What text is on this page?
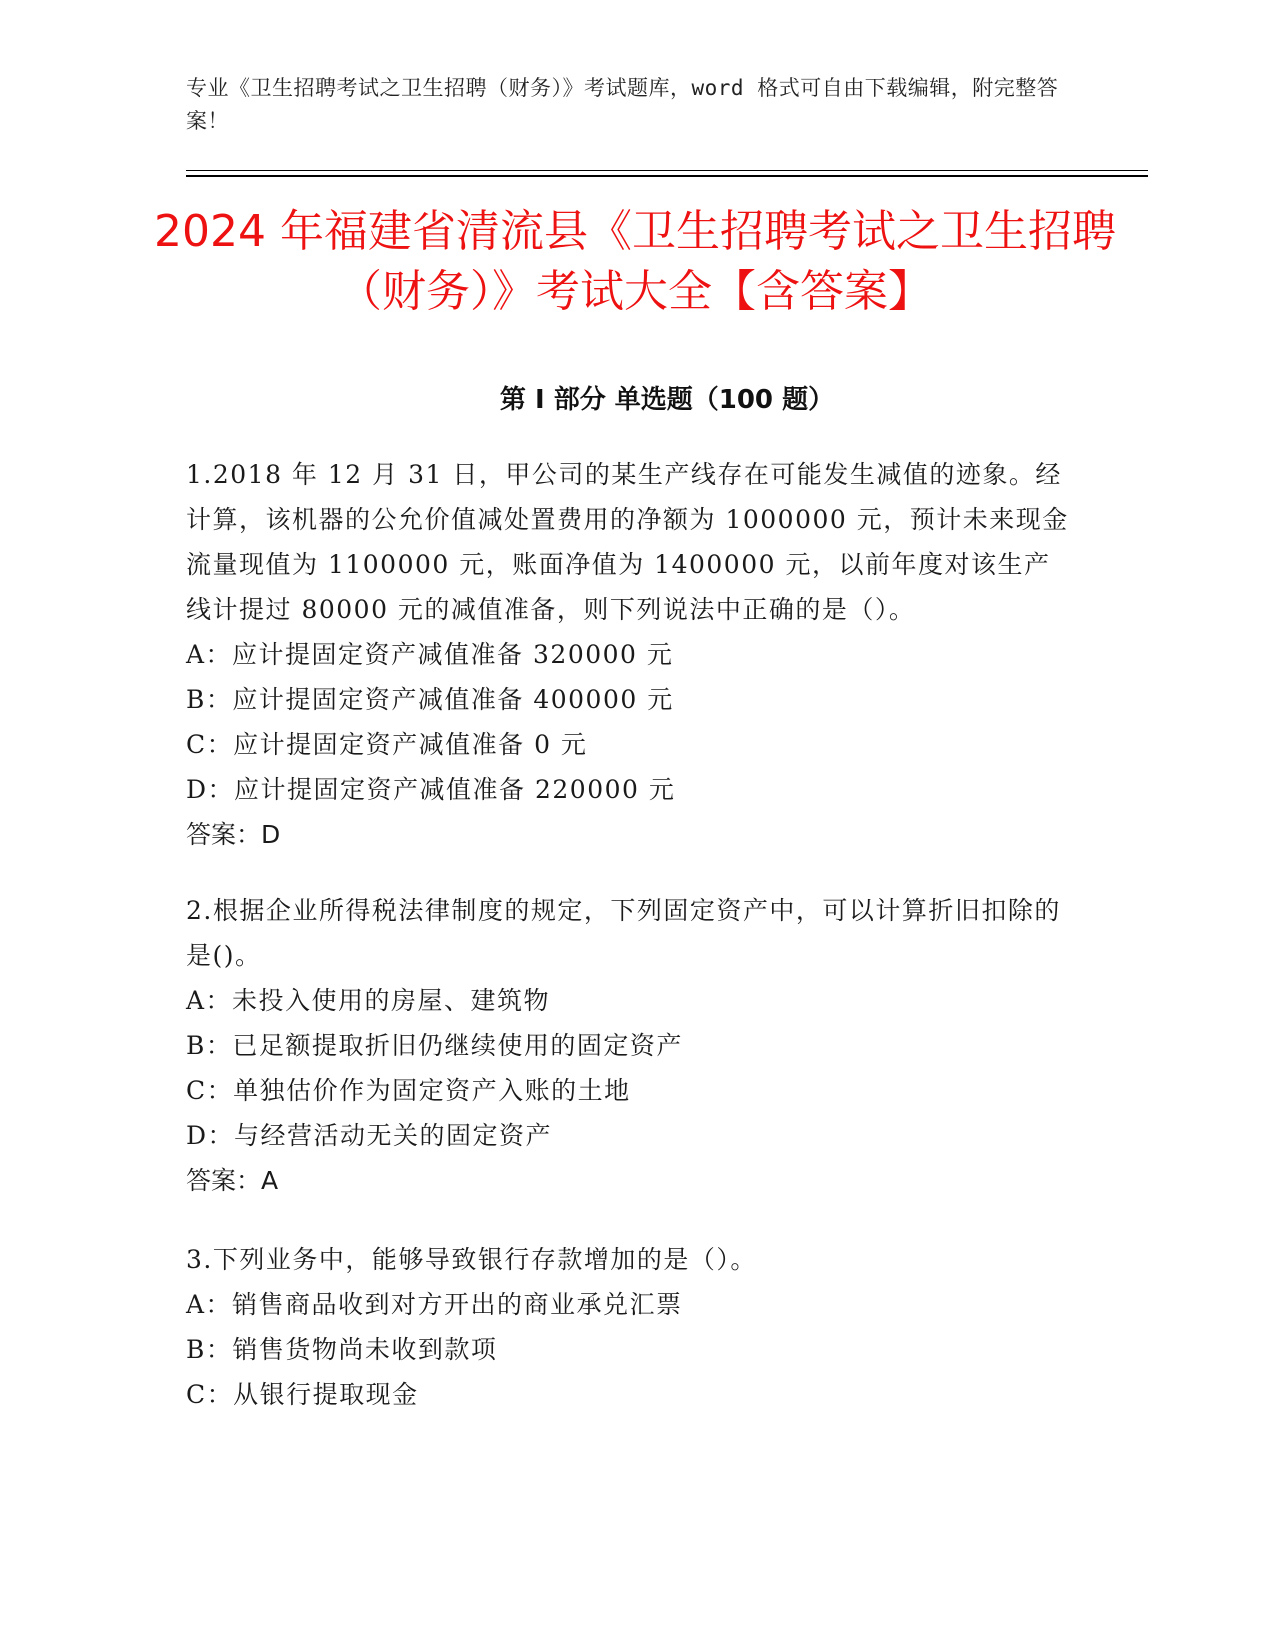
专业《卫生招聘考试之卫生招聘（财务）》考试题库，word 格式可自由下载编辑，附完整答案！
2024 年福建省清流县《卫生招聘考试之卫生招聘（财务）》考试大全【含答案】
第 I 部分 单选题（100 题）

1.2018 年 12 月 31 日，甲公司的某生产线存在可能发生减值的迹象。经计算，该机器的公允价值减处置费用的净额为 1000000 元，预计未来现金流量现值为 1100000 元，账面净值为 1400000 元，以前年度对该生产线计提过 80000 元的减值准备，则下列说法中正确的是（）。

A：应计提固定资产减值准备 320000 元

B：应计提固定资产减值准备 400000 元

C：应计提固定资产减值准备 0 元

D：应计提固定资产减值准备 220000 元

答案：D

2.根据企业所得税法律制度的规定，下列固定资产中，可以计算折旧扣除的是()。

A：未投入使用的房屋、建筑物

B：已足额提取折旧仍继续使用的固定资产

C：单独估价作为固定资产入账的土地

D：与经营活动无关的固定资产

答案：A

3.下列业务中，能够导致银行存款增加的是（）。

A：销售商品收到对方开出的商业承兑汇票

B：销售货物尚未收到款项

C：从银行提取现金
